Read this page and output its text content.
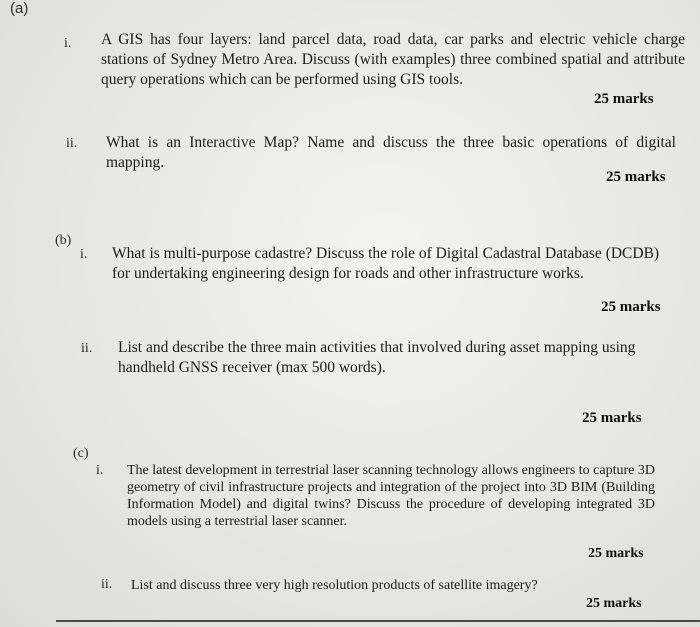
(a)
i. A GIS has four layers: land parcel data, road data, car parks and electric vehicle charge stations of Sydney Metro Area. Discuss (with examples) three combined spatial and attribute query operations which can be performed using GIS tools.
25 marks
ii. What is an Interactive Map? Name and discuss the three basic operations of digital mapping.
25 marks
(b)
i. What is multi-purpose cadastre? Discuss the role of Digital Cadastral Database (DCDB) for undertaking engineering design for roads and other infrastructure works.
25 marks
ii. List and describe the three main activities that involved during asset mapping using handheld GNSS receiver (max 500 words).
25 marks
(c)
i. The latest development in terrestrial laser scanning technology allows engineers to capture 3D geometry of civil infrastructure projects and integration of the project into 3D BIM (Building Information Model) and digital twins? Discuss the procedure of developing integrated 3D models using a terrestrial laser scanner.
25 marks
ii. List and discuss three very high resolution products of satellite imagery?
25 marks
